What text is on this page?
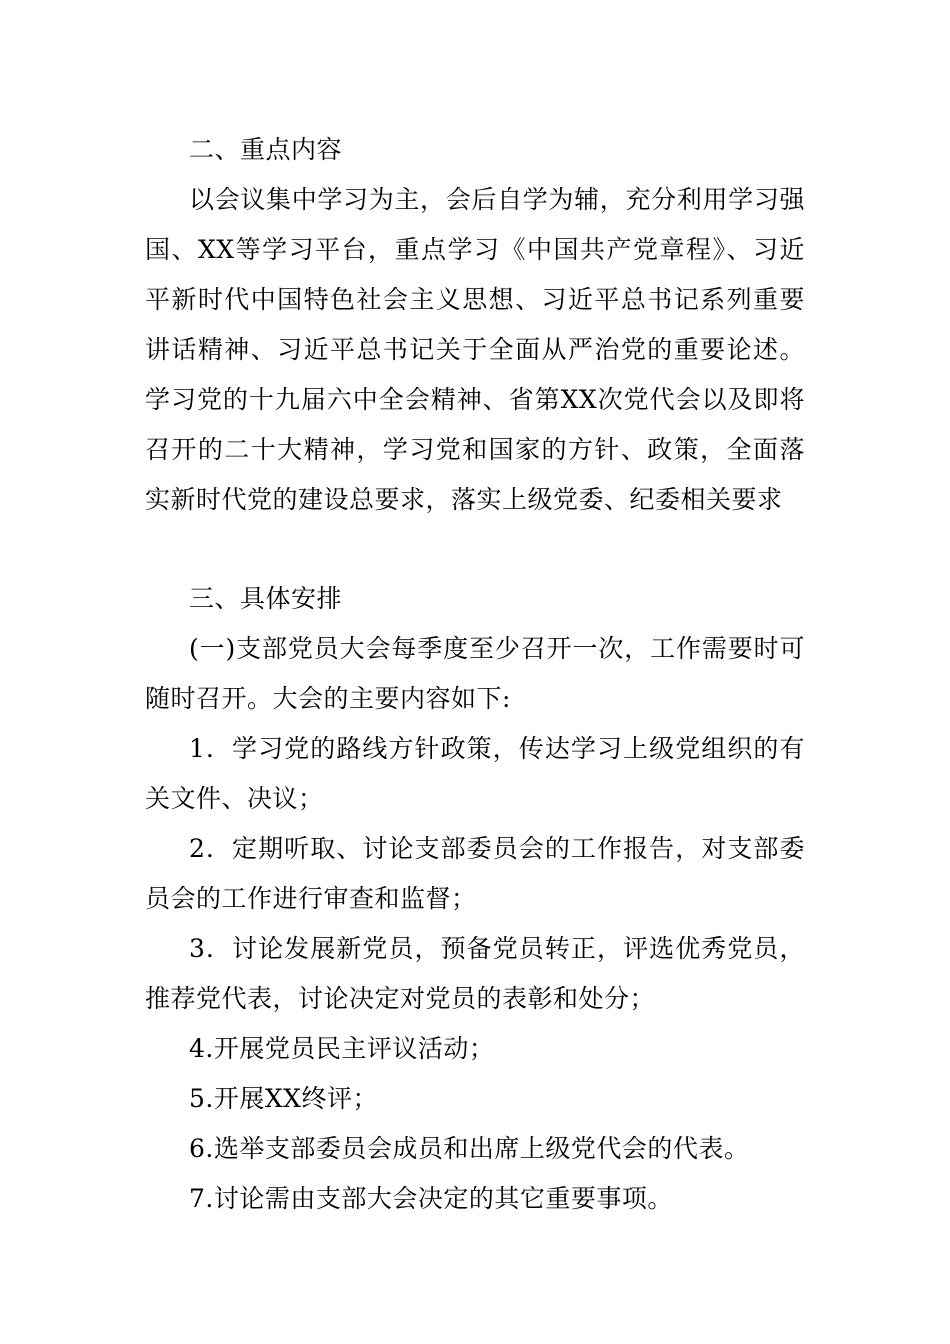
二、重点内容

以会议集中学习为主，会后自学为辅，充分利用学习强国、XX等学习平台，重点学习《中国共产党章程》、习近平新时代中国特色社会主义思想、习近平总书记系列重要讲话精神、习近平总书记关于全面从严治党的重要论述。学习党的十九届六中全会精神、省第XX次党代会以及即将召开的二十大精神，学习党和国家的方针、政策，全面落实新时代党的建设总要求，落实上级党委、纪委相关要求

三、具体安排

(一)支部党员大会每季度至少召开一次，工作需要时可随时召开。大会的主要内容如下:

1．学习党的路线方针政策，传达学习上级党组织的有关文件、决议；

2．定期听取、讨论支部委员会的工作报告，对支部委员会的工作进行审查和监督；

3．讨论发展新党员，预备党员转正，评选优秀党员，推荐党代表，讨论决定对党员的表彰和处分；

4.开展党员民主评议活动；

5.开展XX终评；

6.选举支部委员会成员和出席上级党代会的代表。

7.讨论需由支部大会决定的其它重要事项。
